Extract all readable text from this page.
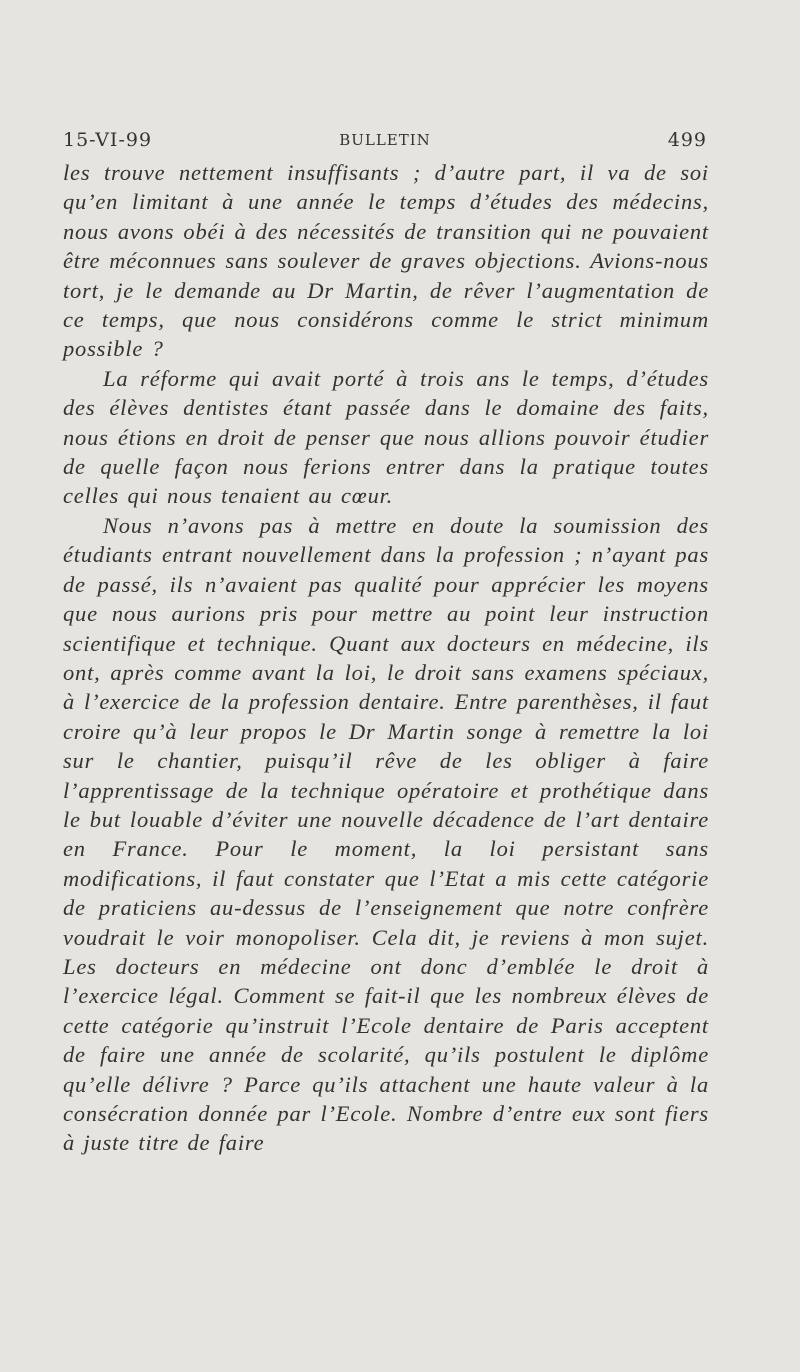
15-VI-99	BULLETIN	499

les trouve nettement insuffisants ; d’autre part, il va de soi qu’en limitant à une année le temps d’études des médecins, nous avons obéi à des nécessités de transition qui ne pouvaient être méconnues sans soulever de graves objections. Avions-nous tort, je le demande au Dr Martin, de rêver l’augmentation de ce temps, que nous considérons comme le strict minimum possible ?

La réforme qui avait porté à trois ans le temps, d’études des élèves dentistes étant passée dans le domaine des faits, nous étions en droit de penser que nous allions pouvoir étudier de quelle façon nous ferions entrer dans la pratique toutes celles qui nous tenaient au cœur.

Nous n’avons pas à mettre en doute la soumission des étudiants entrant nouvellement dans la profession ; n’ayant pas de passé, ils n’avaient pas qualité pour apprécier les moyens que nous aurions pris pour mettre au point leur instruction scientifique et technique. Quant aux docteurs en médecine, ils ont, après comme avant la loi, le droit sans examens spéciaux, à l’exercice de la profession dentaire. Entre parenthèses, il faut croire qu’à leur propos le Dr Martin songe à remettre la loi sur le chantier, puisqu’il rêve de les obliger à faire l’apprentissage de la technique opératoire et prothétique dans le but louable d’éviter une nouvelle décadence de l’art dentaire en France. Pour le moment, la loi persistant sans modifications, il faut constater que l’Etat a mis cette catégorie de praticiens au-dessus de l’enseignement que notre confrère voudrait le voir monopoliser. Cela dit, je reviens à mon sujet. Les docteurs en médecine ont donc d’emblée le droit à l’exercice légal. Comment se fait-il que les nombreux élèves de cette catégorie qu’instruit l’Ecole dentaire de Paris acceptent de faire une année de scolarité, qu’ils postulent le diplôme qu’elle délivre ? Parce qu’ils attachent une haute valeur à la consécration donnée par l’Ecole. Nombre d’entre eux sont fiers à juste titre de faire
